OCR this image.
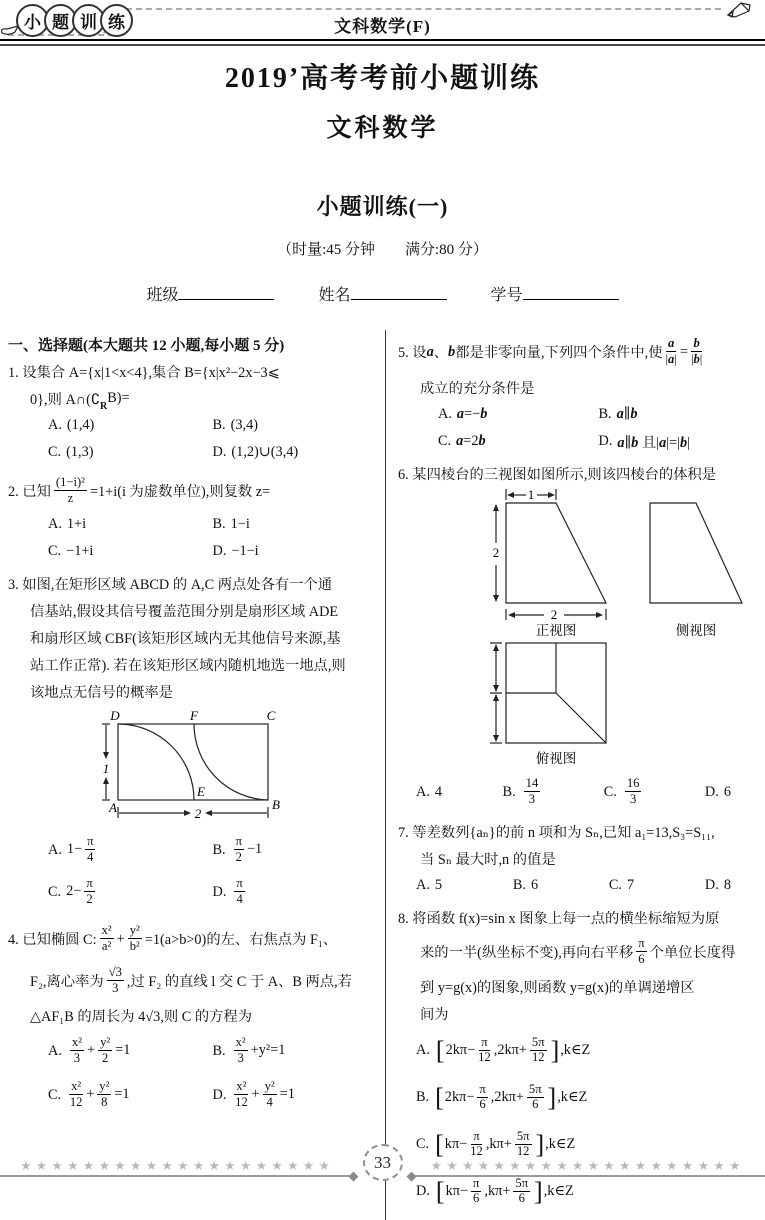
小 题 训 练	文科数学(F)
2019’高考考前小题训练
文科数学
小题训练(一)
（时量:45 分钟　　满分:80 分）
班级	姓名	学号
一、选择题(本大题共 12 小题,每小题 5 分)
1. 设集合 A={x|1<x<4},集合 B={x|x²−2x−3⩽
0},则 $A\cap(∁_R$
B)=
A. (1,4)	B. (3,4)
C. (1,3)	D. (1,2)∪(3,4)
2. 已知 $\frac{\text{(1−i)²}}{z} =1+i(i$ 为虚数单位),则复数 z=
A. 1+i	B. 1−i
C. −1+i	D. −1−i
3. 如图,在矩形区域 ABCD 的 A,C 两点处各有一个通
信基站,假设其信号覆盖范围分别是扇形区域 ADE
和扇形区域 CBF(该矩形区域内无其他信号来源,基
站工作正常). 若在该矩形区域内随机地选一地点,则
该地点无信号的概率是
1
2
D	F	C
A
E
B
A. $1- \frac{\pi}{4}$	B. $\frac{\pi}{2} -1$
C. $2- \frac{\pi}{2}$	D. $\frac{\pi}{4}$
4. 已知椭圆 C: $\frac{\text{x²}}{\text{a²}} + \frac{\text{y²}}{\text{b²}} =1(a>b>0)$的左、右焦点为 F₁、
F₂,离心率为 $\frac{√3}{3}$ ,过 F₂ 的直线 l 交 C 于 A、B 两点,若
△AF₁B 的周长为 4√3,则 C 的方程为
A. $\frac{\text{x²}}{3} + \frac{\text{y²}}{2} =1$	B. $\frac{\text{x²}}{3} +y^2=1$
C. $\frac{\text{x²}}{12} + \frac{\text{y²}}{8} =1$	D. $\frac{\text{x²}}{12} + \frac{\text{y²}}{4} =1$
5. 设 a 、 b 都是非零向量,下列四个条件中,使 $\frac{a}{|a|} = \frac{b}{|b|}$
成立的充分条件是
A. a=−b	B. a∥b
C. a=2b	D. a∥b 且|a|=|b|
6. 某四棱台的三视图如图所示,则该四棱台的体积是
1
2
2
正视图	侧视图
俯视图
A. 4	B. $\frac{14}{3}$	C. $\frac{16}{3}$	D. 6
7. 等差数列{aₙ}的前 n 项和为 Sₙ,已知 a₁=13,S₃=S₁₁,
当 Sₙ 最大时,n 的值是
A. 5	B. 6	C. 7	D. 8
8. 将函数 f(x)=sin x 图象上每一点的横坐标缩短为原
来的一半(纵坐标不变),再向右平移 $\frac{\pi}{6}$ 个单位长度得
到 y=g(x)的图象,则函数 y=g(x)的单调递增区
间为
A. [ $2k\pi- \frac{\pi}{12} ,2k\pi+ \frac{5\pi}{12}$ ] ,k∈Z
B. [ $2k\pi- \frac{\pi}{6} ,2k\pi+ \frac{5\pi}{6}$ ] ,k∈Z
C. [ $k\pi- \frac{\pi}{12} ,k\pi+ \frac{5\pi}{12}$ ] ,k∈Z
D. [ $k\pi- \frac{\pi}{6} ,k\pi+ \frac{5\pi}{6}$ ] ,k∈Z
★★★★★★★★★★★★★★★★★★★★
◆
33	★★★★★★★★★★★★★★★★★★★★
◆
